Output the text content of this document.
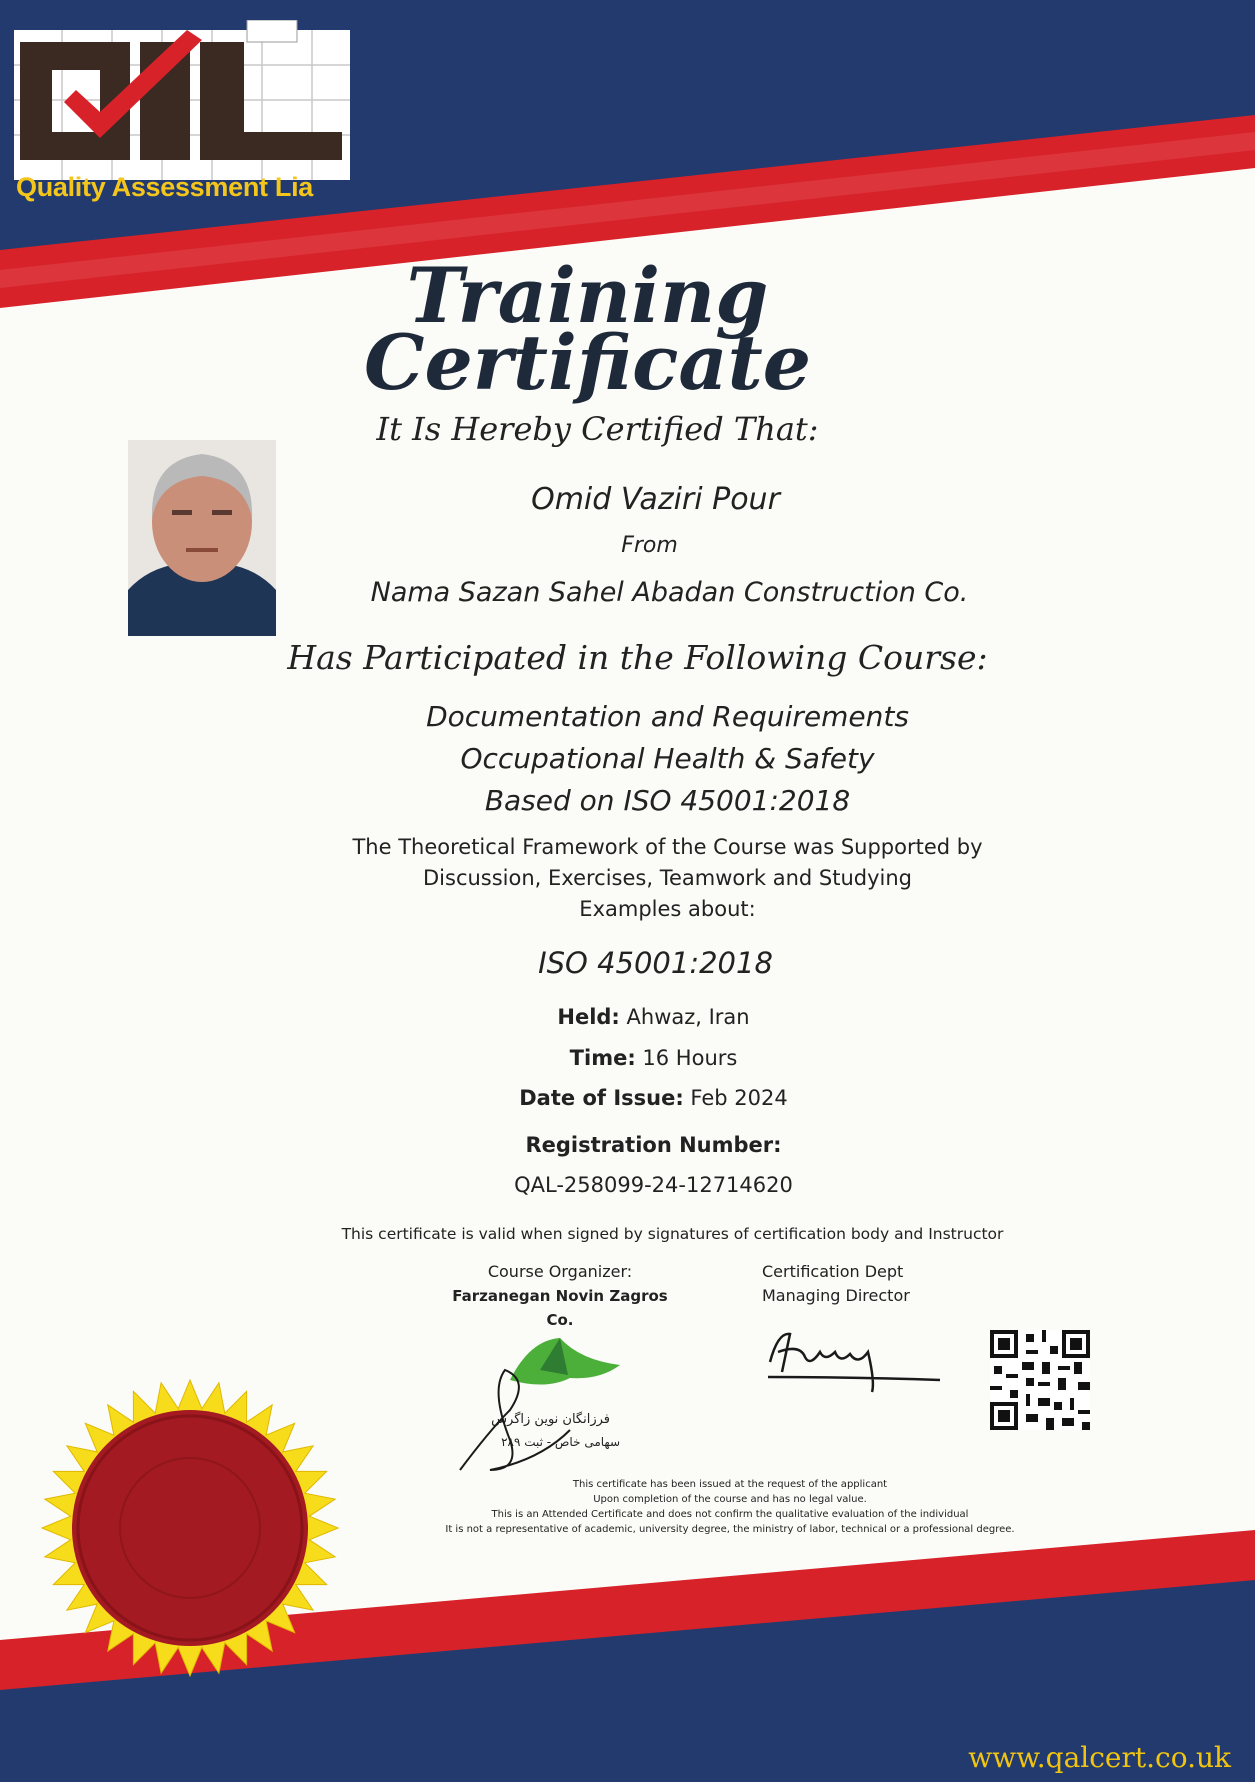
Quality Assessment Lia
Training
Certificate
It Is Hereby Certified That:
Omid Vaziri Pour
From
Nama Sazan Sahel Abadan Construction Co.
Has Participated in the Following Course:
Documentation and Requirements
Occupational Health & Safety
Based on ISO 45001:2018
The Theoretical Framework of the Course was Supported by
Discussion, Exercises, Teamwork and Studying
Examples about:
ISO 45001:2018
Held: Ahwaz, Iran
Time: 16 Hours
Date of Issue: Feb 2024
Registration Number:
QAL-258099-24-12714620
This certificate is valid when signed by signatures of certification body and Instructor
Course Organizer:
Farzanegan Novin Zagros Co.
Certification Dept
Managing Director
فرزانگان نوین زاگرس
سهامی خاص - ثبت ۲۸۹
This certificate has been issued at the request of the applicant
Upon completion of the course and has no legal value.
This is an Attended Certificate and does not confirm the qualitative evaluation of the individual
It is not a representative of academic, university degree, the ministry of labor, technical or a professional degree.
www.qalcert.co.uk
